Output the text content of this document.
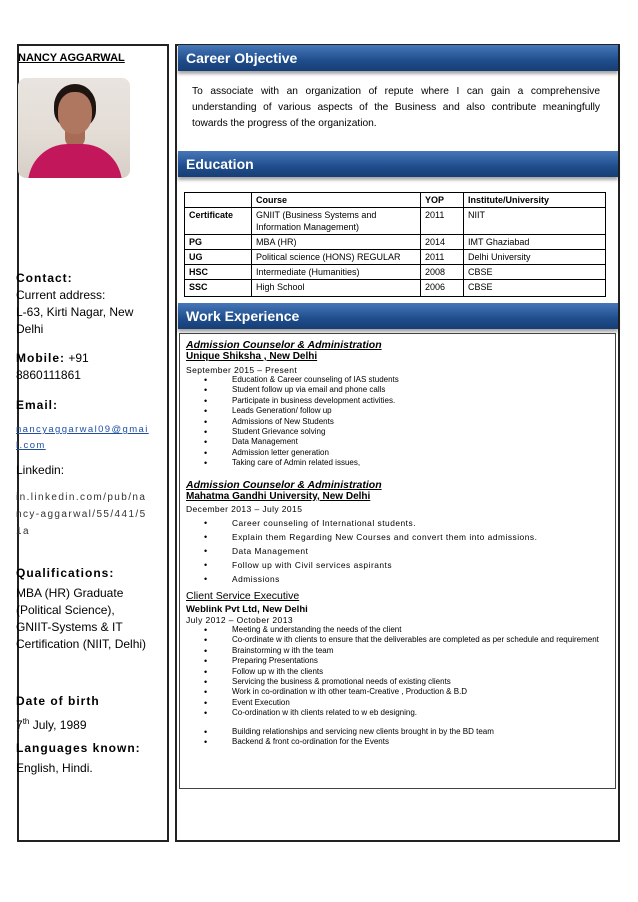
NANCY AGGARWAL
Contact:
Current address:
L-63, Kirti Nagar, New Delhi
Mobile: +91 8860111861
Email:
nancyaggarwal09@gmail.com
Linkedin:
in.linkedin.com/pub/nancy-aggarwal/55/441/51a
Qualifications:
MBA (HR) Graduate (Political Science), GNIIT-Systems & IT Certification (NIIT, Delhi)
Date of birth
7th July, 1989
Languages known:
English, Hindi.
Career Objective
To associate with an organization of repute where I can gain a comprehensive understanding of various aspects of the Business and also contribute meaningfully towards the progress of the organization.
Education
	Course	YOP	Institute/University
Certificate	GNIIT (Business Systems and Information Management)	2011	NIIT
PG	MBA (HR)	2014	IMT Ghaziabad
UG	Political science (HONS) REGULAR	2011	Delhi University
HSC	Intermediate (Humanities)	2008	CBSE
SSC	High School	2006	CBSE
Work Experience
Admission Counselor & Administration
Unique Shiksha , New Delhi
September 2015 – Present
• Education & Career counseling of IAS students
• Student follow up via email and phone calls
• Participate in business development activities.
• Leads Generation/ follow up
• Admissions of New Students
• Student Grievance solving
• Data Management
• Admission letter generation
• Taking care of Admin related issues,
Admission Counselor & Administration
Mahatma Gandhi University, New Delhi
December 2013 – July 2015
• Career counseling of International students.
• Explain them Regarding New Courses and convert them into admissions.
• Data Management
• Follow up with Civil services aspirants
• Admissions
Client Service Executive
Weblink Pvt Ltd, New Delhi
July 2012 – October 2013
• Meeting & understanding the needs of the client
• Co-ordinate w ith clients to ensure that the deliverables are completed as per schedule and requirement
• Brainstorming w ith the team
• Preparing Presentations
• Follow up w ith the clients
• Servicing the business & promotional needs of existing clients
• Work in co-ordination w ith other team-Creative , Production & B.D
• Event Execution
• Co-ordination w ith clients related to w eb designing.
• Building relationships and servicing new clients brought in by the BD team
• Backend & front co-ordination for the Events
